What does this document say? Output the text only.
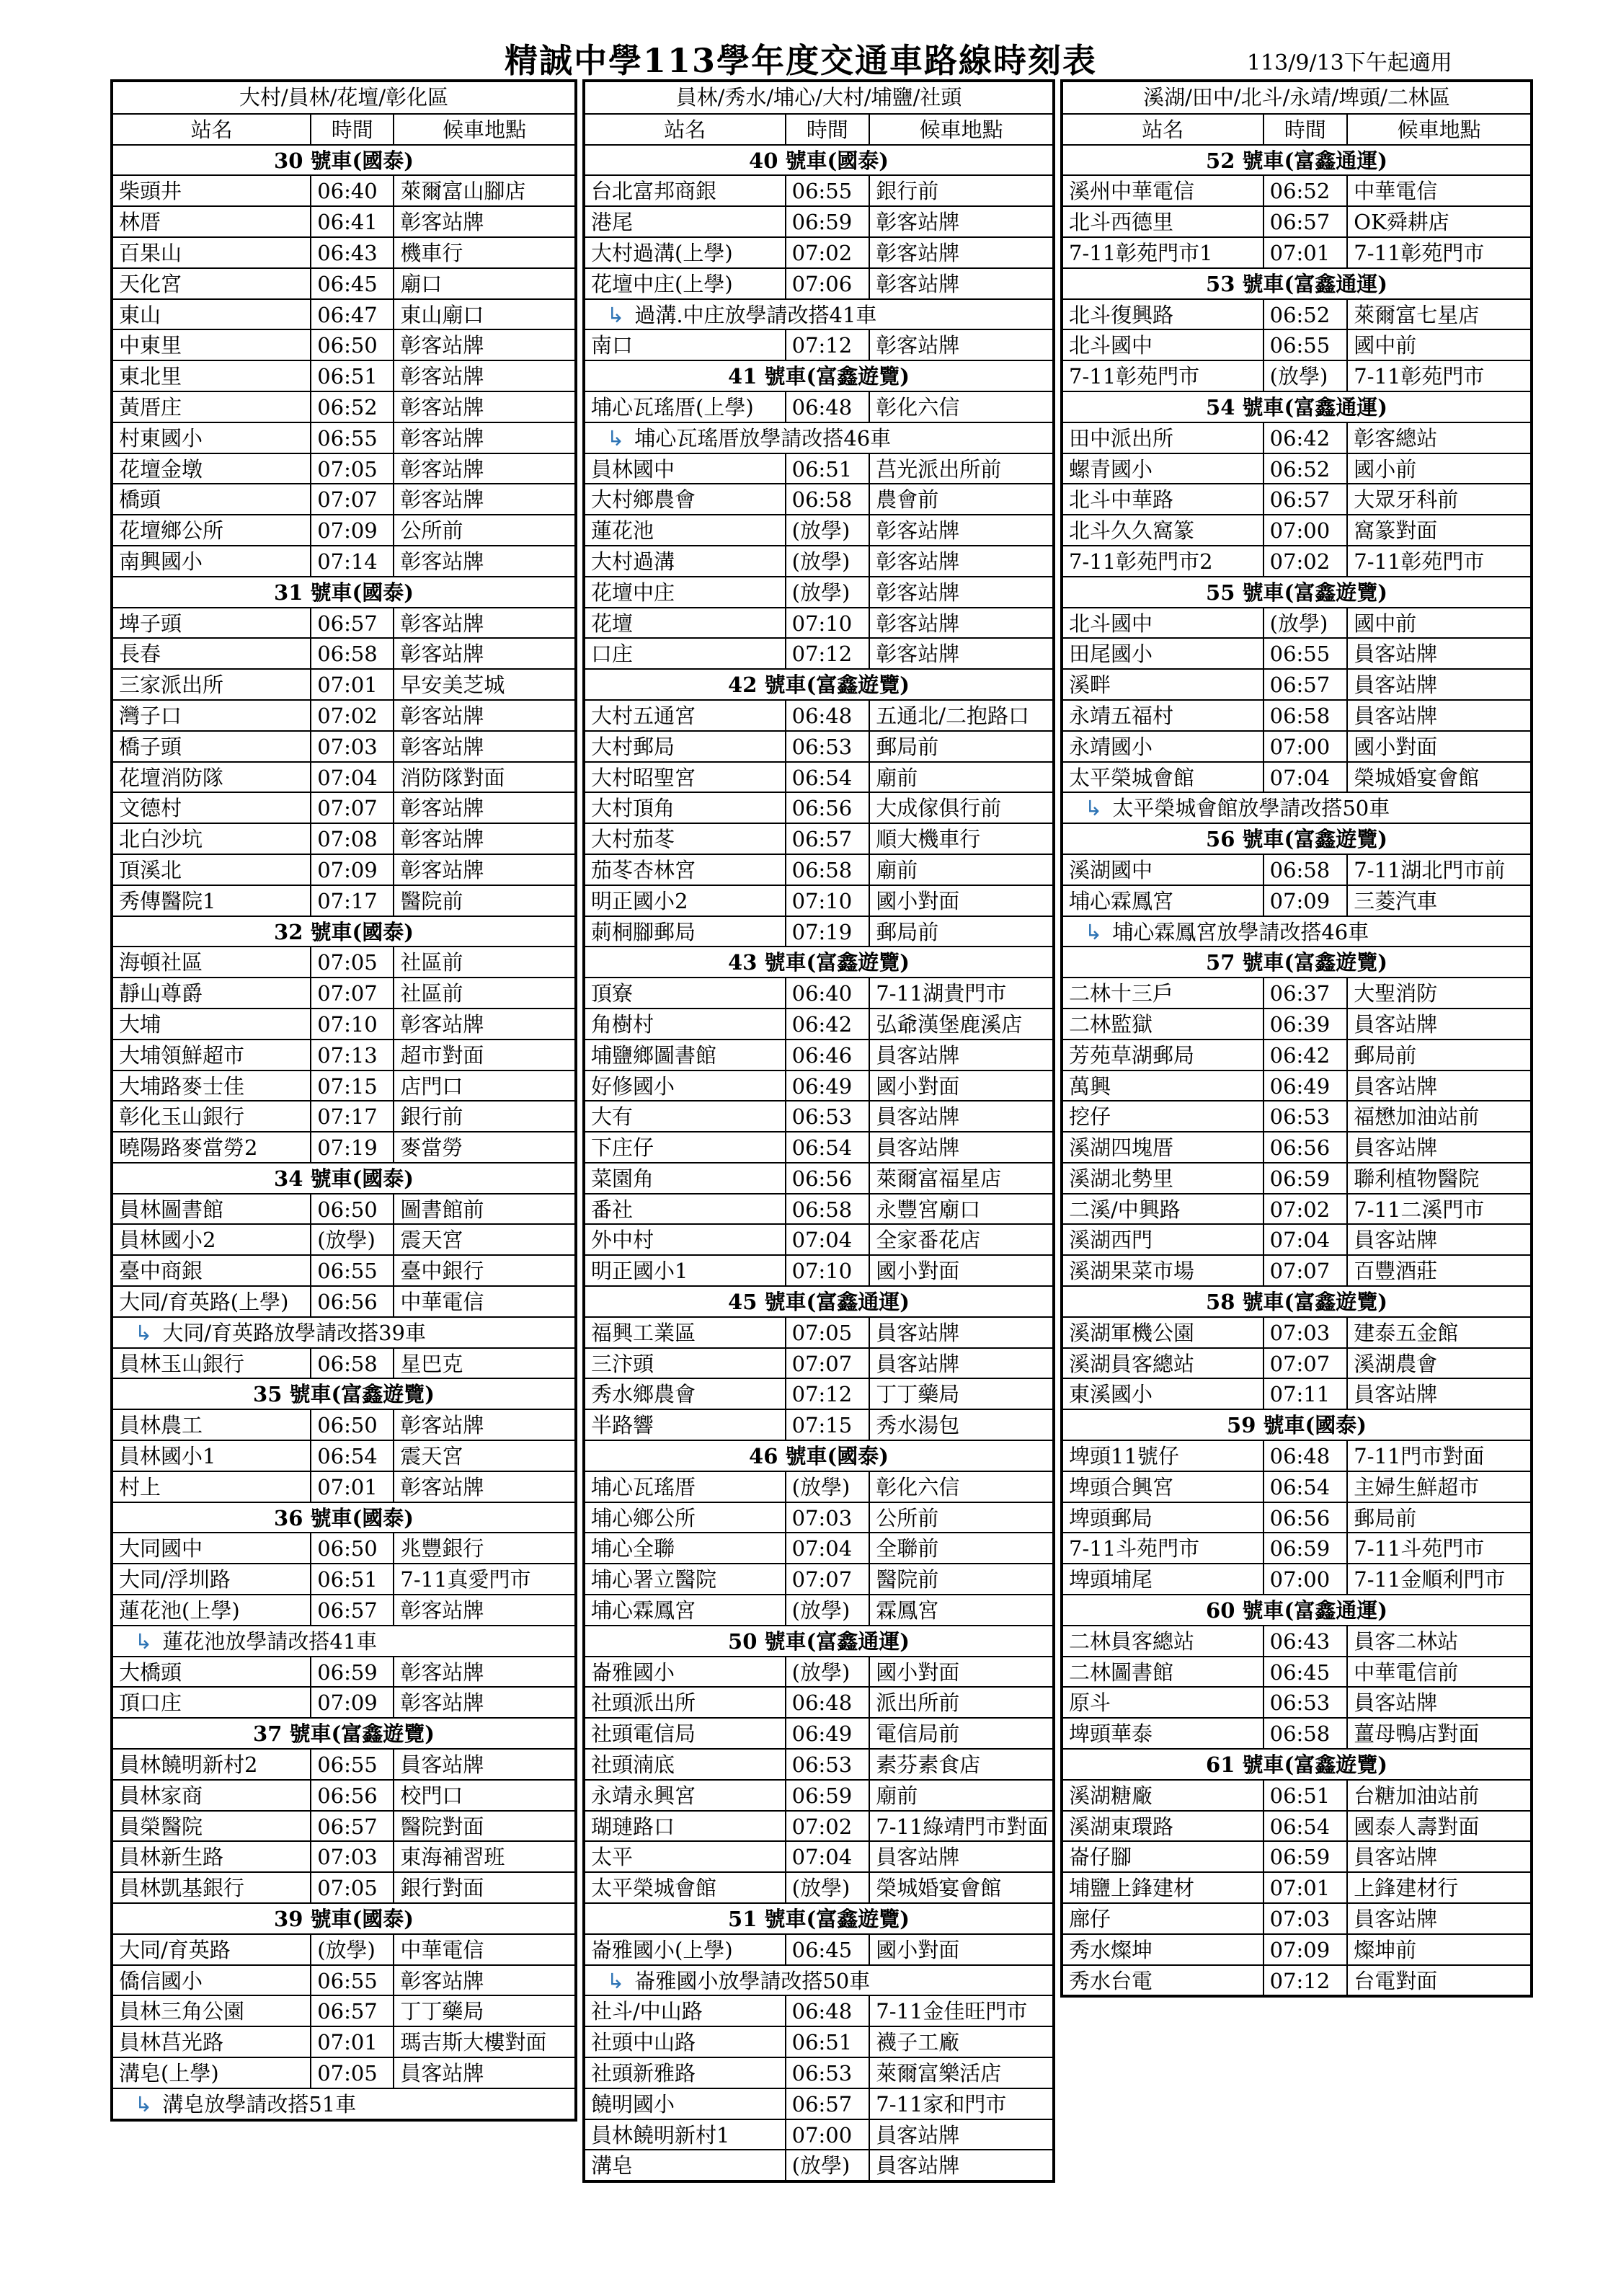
精誠中學113學年度交通車路線時刻表	113/9/13下午起適用
大村/員林/花壇/彰化區
站名	時間	候車地點
30 號車(國泰)
柴頭井	06:40	萊爾富山腳店
林厝	06:41	彰客站牌
百果山	06:43	機車行
天化宮	06:45	廟口
東山	06:47	東山廟口
中東里	06:50	彰客站牌
東北里	06:51	彰客站牌
黃厝庄	06:52	彰客站牌
村東國小	06:55	彰客站牌
花壇金墩	07:05	彰客站牌
橋頭	07:07	彰客站牌
花壇鄉公所	07:09	公所前
南興國小	07:14	彰客站牌
31 號車(國泰)
埤子頭	06:57	彰客站牌
長春	06:58	彰客站牌
三家派出所	07:01	早安美芝城
灣子口	07:02	彰客站牌
橋子頭	07:03	彰客站牌
花壇消防隊	07:04	消防隊對面
文德村	07:07	彰客站牌
北白沙坑	07:08	彰客站牌
頂溪北	07:09	彰客站牌
秀傳醫院1	07:17	醫院前
32 號車(國泰)
海頓社區	07:05	社區前
靜山尊爵	07:07	社區前
大埔	07:10	彰客站牌
大埔領鮮超市	07:13	超市對面
大埔路麥士佳	07:15	店門口
彰化玉山銀行	07:17	銀行前
曉陽路麥當勞2	07:19	麥當勞
34 號車(國泰)
員林圖書館	06:50	圖書館前
員林國小2	(放學)	震天宮
臺中商銀	06:55	臺中銀行
大同/育英路(上學)	06:56	中華電信
↳ 大同/育英路放學請改搭39車
員林玉山銀行	06:58	星巴克
35 號車(富鑫遊覽)
員林農工	06:50	彰客站牌
員林國小1	06:54	震天宮
村上	07:01	彰客站牌
36 號車(國泰)
大同國中	06:50	兆豐銀行
大同/浮圳路	06:51	7-11真愛門市
蓮花池(上學)	06:57	彰客站牌
↳ 蓮花池放學請改搭41車
大橋頭	06:59	彰客站牌
頂口庄	07:09	彰客站牌
37 號車(富鑫遊覽)
員林饒明新村2	06:55	員客站牌
員林家商	06:56	校門口
員榮醫院	06:57	醫院對面
員林新生路	07:03	東海補習班
員林凱基銀行	07:05	銀行對面
39 號車(國泰)
大同/育英路	(放學)	中華電信
僑信國小	06:55	彰客站牌
員林三角公園	06:57	丁丁藥局
員林莒光路	07:01	瑪吉斯大樓對面
溝皂(上學)	07:05	員客站牌
↳ 溝皂放學請改搭51車
員林/秀水/埔心/大村/埔鹽/社頭
站名	時間	候車地點
40 號車(國泰)
台北富邦商銀	06:55	銀行前
港尾	06:59	彰客站牌
大村過溝(上學)	07:02	彰客站牌
花壇中庄(上學)	07:06	彰客站牌
↳ 過溝.中庄放學請改搭41車
南口	07:12	彰客站牌
41 號車(富鑫遊覽)
埔心瓦瑤厝(上學)	06:48	彰化六信
↳ 埔心瓦瑤厝放學請改搭46車
員林國中	06:51	莒光派出所前
大村鄉農會	06:58	農會前
蓮花池	(放學)	彰客站牌
大村過溝	(放學)	彰客站牌
花壇中庄	(放學)	彰客站牌
花壇	07:10	彰客站牌
口庄	07:12	彰客站牌
42 號車(富鑫遊覽)
大村五通宮	06:48	五通北/二抱路口
大村郵局	06:53	郵局前
大村昭聖宮	06:54	廟前
大村頂角	06:56	大成傢俱行前
大村茄苳	06:57	順大機車行
茄苳杏林宮	06:58	廟前
明正國小2	07:10	國小對面
莿桐腳郵局	07:19	郵局前
43 號車(富鑫遊覽)
頂寮	06:40	7-11湖貴門市
角樹村	06:42	弘爺漢堡鹿溪店
埔鹽鄉圖書館	06:46	員客站牌
好修國小	06:49	國小對面
大有	06:53	員客站牌
下庄仔	06:54	員客站牌
菜園角	06:56	萊爾富福星店
番社	06:58	永豐宮廟口
外中村	07:04	全家番花店
明正國小1	07:10	國小對面
45 號車(富鑫通運)
福興工業區	07:05	員客站牌
三汴頭	07:07	員客站牌
秀水鄉農會	07:12	丁丁藥局
半路響	07:15	秀水湯包
46 號車(國泰)
埔心瓦瑤厝	(放學)	彰化六信
埔心鄉公所	07:03	公所前
埔心全聯	07:04	全聯前
埔心署立醫院	07:07	醫院前
埔心霖鳳宮	(放學)	霖鳳宮
50 號車(富鑫通運)
崙雅國小	(放學)	國小對面
社頭派出所	06:48	派出所前
社頭電信局	06:49	電信局前
社頭湳底	06:53	素芬素食店
永靖永興宮	06:59	廟前
瑚璉路口	07:02	7-11綠靖門市對面
太平	07:04	員客站牌
太平榮城會館	(放學)	榮城婚宴會館
51 號車(富鑫遊覽)
崙雅國小(上學)	06:45	國小對面
↳ 崙雅國小放學請改搭50車
社斗/中山路	06:48	7-11金佳旺門市
社頭中山路	06:51	襪子工廠
社頭新雅路	06:53	萊爾富樂活店
饒明國小	06:57	7-11家和門市
員林饒明新村1	07:00	員客站牌
溝皂	(放學)	員客站牌
溪湖/田中/北斗/永靖/埤頭/二林區
站名	時間	候車地點
52 號車(富鑫通運)
溪州中華電信	06:52	中華電信
北斗西德里	06:57	OK舜耕店
7-11彰苑門市1	07:01	7-11彰苑門市
53 號車(富鑫通運)
北斗復興路	06:52	萊爾富七星店
北斗國中	06:55	國中前
7-11彰苑門市	(放學)	7-11彰苑門市
54 號車(富鑫通運)
田中派出所	06:42	彰客總站
螺青國小	06:52	國小前
北斗中華路	06:57	大眾牙科前
北斗久久窩篆	07:00	窩篆對面
7-11彰苑門市2	07:02	7-11彰苑門市
55 號車(富鑫遊覽)
北斗國中	(放學)	國中前
田尾國小	06:55	員客站牌
溪畔	06:57	員客站牌
永靖五福村	06:58	員客站牌
永靖國小	07:00	國小對面
太平榮城會館	07:04	榮城婚宴會館
↳ 太平榮城會館放學請改搭50車
56 號車(富鑫遊覽)
溪湖國中	06:58	7-11湖北門市前
埔心霖鳳宮	07:09	三菱汽車
↳ 埔心霖鳳宮放學請改搭46車
57 號車(富鑫遊覽)
二林十三戶	06:37	大聖消防
二林監獄	06:39	員客站牌
芳苑草湖郵局	06:42	郵局前
萬興	06:49	員客站牌
挖仔	06:53	福懋加油站前
溪湖四塊厝	06:56	員客站牌
溪湖北勢里	06:59	聯利植物醫院
二溪/中興路	07:02	7-11二溪門市
溪湖西門	07:04	員客站牌
溪湖果菜市場	07:07	百豐酒莊
58 號車(富鑫遊覽)
溪湖軍機公園	07:03	建泰五金館
溪湖員客總站	07:07	溪湖農會
東溪國小	07:11	員客站牌
59 號車(國泰)
埤頭11號仔	06:48	7-11門市對面
埤頭合興宮	06:54	主婦生鮮超市
埤頭郵局	06:56	郵局前
7-11斗苑門市	06:59	7-11斗苑門市
埤頭埔尾	07:00	7-11金順利門市
60 號車(富鑫通運)
二林員客總站	06:43	員客二林站
二林圖書館	06:45	中華電信前
原斗	06:53	員客站牌
埤頭華泰	06:58	薑母鴨店對面
61 號車(富鑫遊覽)
溪湖糖廠	06:51	台糖加油站前
溪湖東環路	06:54	國泰人壽對面
崙仔腳	06:59	員客站牌
埔鹽上鋒建材	07:01	上鋒建材行
廍仔	07:03	員客站牌
秀水燦坤	07:09	燦坤前
秀水台電	07:12	台電對面
